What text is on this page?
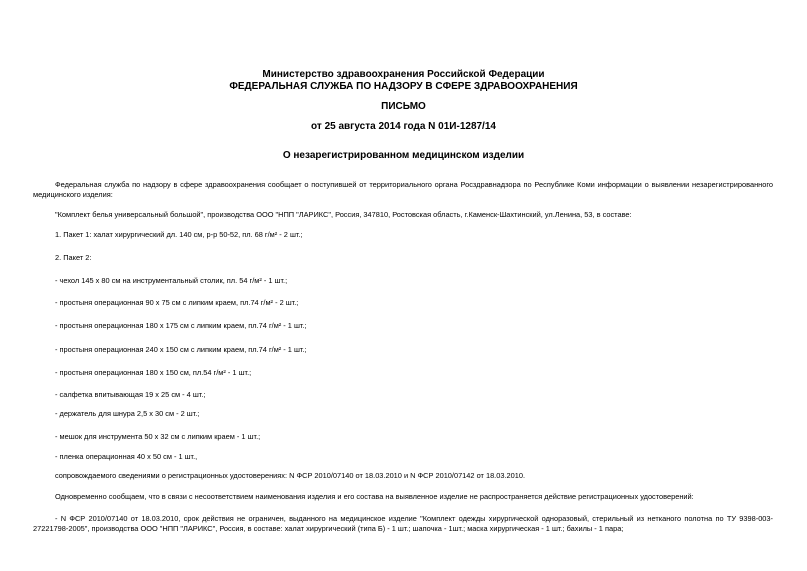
Министерство здравоохранения Российской Федерации
ФЕДЕРАЛЬНАЯ СЛУЖБА ПО НАДЗОРУ В СФЕРЕ ЗДРАВООХРАНЕНИЯ
ПИСЬМО
от 25 августа 2014 года N 01И-1287/14
О незарегистрированном медицинском изделии
Федеральная служба по надзору в сфере здравоохранения сообщает о поступившей от территориального органа Росздравнадзора по Республике Коми информации о выявлении незарегистрированного медицинского изделия:
"Комплект белья универсальный большой", производства ООО "НПП "ЛАРИКС", Россия, 347810, Ростовская область, г.Каменск-Шахтинский, ул.Ленина, 53, в составе:
1. Пакет 1: халат хирургический дл. 140 см, р-р 50-52, пл. 68 г/м² - 2 шт.;
2. Пакет 2:
- чехол 145 х 80 см на инструментальный столик, пл. 54 г/м² - 1 шт.;
- простыня операционная 90 х 75 см с липким краем, пл.74 г/м² - 2 шт.;
- простыня операционная 180 х 175 см с липким краем, пл.74 г/м² - 1 шт.;
- простыня операционная 240 х 150 см с липким краем, пл.74 г/м² - 1 шт.;
- простыня операционная 180 х 150 см, пл.54 г/м² - 1 шт.;
- салфетка впитывающая 19 х 25 см - 4 шт.;
- держатель для шнура 2,5 х 30 см - 2 шт.;
- мешок для инструмента 50 х 32 см с липким краем - 1 шт.;
- пленка операционная 40 х 50 см - 1 шт.,
сопровождаемого сведениями о регистрационных удостоверениях: N ФСР 2010/07140 от 18.03.2010 и N ФСР 2010/07142 от 18.03.2010.
Одновременно сообщаем, что в связи с несоответствием наименования изделия и его состава на выявленное изделие не распространяется действие регистрационных удостоверений:
- N ФСР 2010/07140 от 18.03.2010, срок действия не ограничен, выданного на медицинское изделие "Комплект одежды хирургической одноразовый, стерильный из нетканого полотна по ТУ 9398-003-27221798-2005", производства ООО "НПП "ЛАРИКС", Россия, в составе: халат хирургический (типа Б) - 1 шт.; шапочка - 1шт.; маска хирургическая - 1 шт.; бахилы - 1 пара;
